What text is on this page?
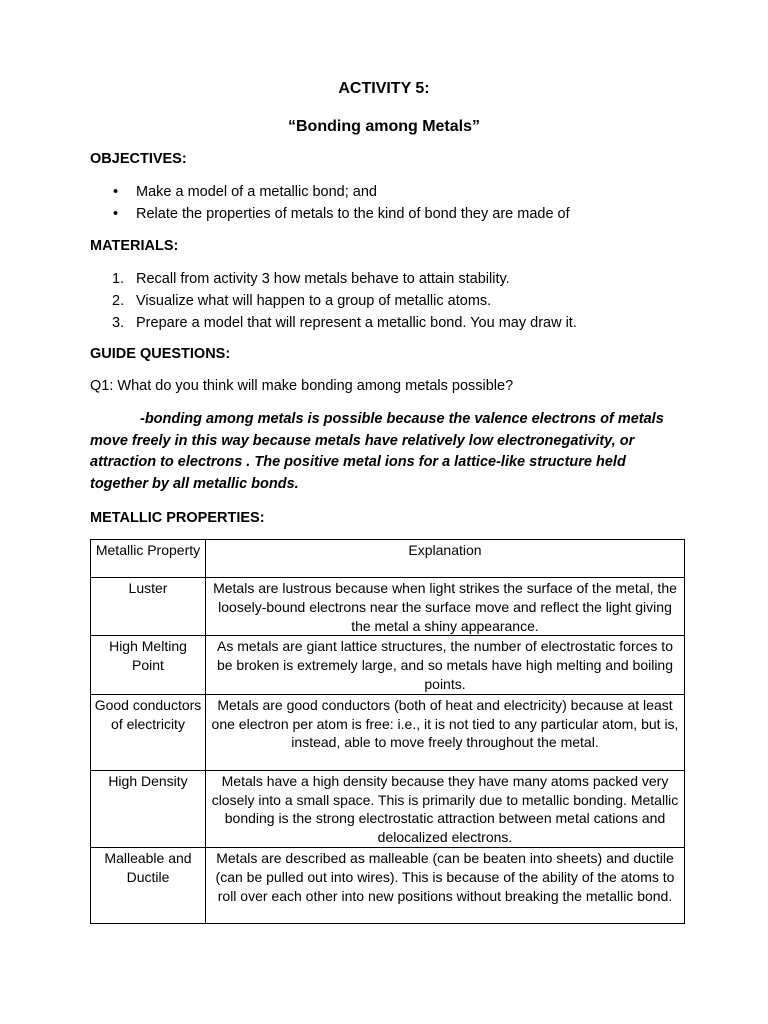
ACTIVITY 5:
“Bonding among Metals”
OBJECTIVES:
• Make a model of a metallic bond; and
• Relate the properties of metals to the kind of bond they are made of
MATERIALS:
1. Recall from activity 3 how metals behave to attain stability.
2. Visualize what will happen to a group of metallic atoms.
3. Prepare a model that will represent a metallic bond. You may draw it.
GUIDE QUESTIONS:
Q1: What do you think will make bonding among metals possible?
-bonding among metals is possible because the valence electrons of metals move freely in this way because metals have relatively low electronegativity, or attraction to electrons . The positive metal ions for a lattice-like structure held together by all metallic bonds.
METALLIC PROPERTIES:
Metallic Property	Explanation
Luster	Metals are lustrous because when light strikes the surface of the metal, the loosely-bound electrons near the surface move and reflect the light giving the metal a shiny appearance.
High Melting Point	As metals are giant lattice structures, the number of electrostatic forces to be broken is extremely large, and so metals have high melting and boiling points.
Good conductors of electricity	Metals are good conductors (both of heat and electricity) because at least one electron per atom is free: i.e., it is not tied to any particular atom, but is, instead, able to move freely throughout the metal.
High Density	Metals have a high density because they have many atoms packed very closely into a small space. This is primarily due to metallic bonding. Metallic bonding is the strong electrostatic attraction between metal cations and delocalized electrons.
Malleable and Ductile	Metals are described as malleable (can be beaten into sheets) and ductile (can be pulled out into wires). This is because of the ability of the atoms to roll over each other into new positions without breaking the metallic bond.
